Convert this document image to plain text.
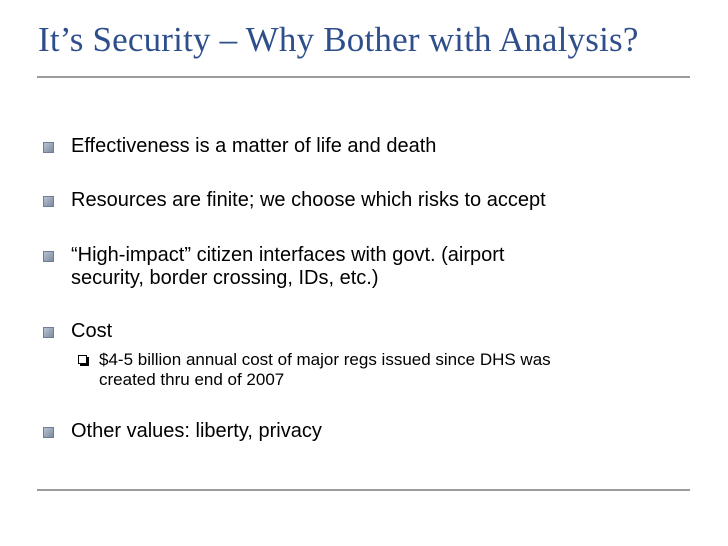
It’s Security – Why Bother with Analysis?
Effectiveness is a matter of life and death
Resources are finite; we choose which risks to accept
“High-impact” citizen interfaces with govt. (airport
security, border crossing, IDs, etc.)
Cost
$4-5 billion annual cost of major regs issued since DHS was
created thru end of 2007
Other values: liberty, privacy
